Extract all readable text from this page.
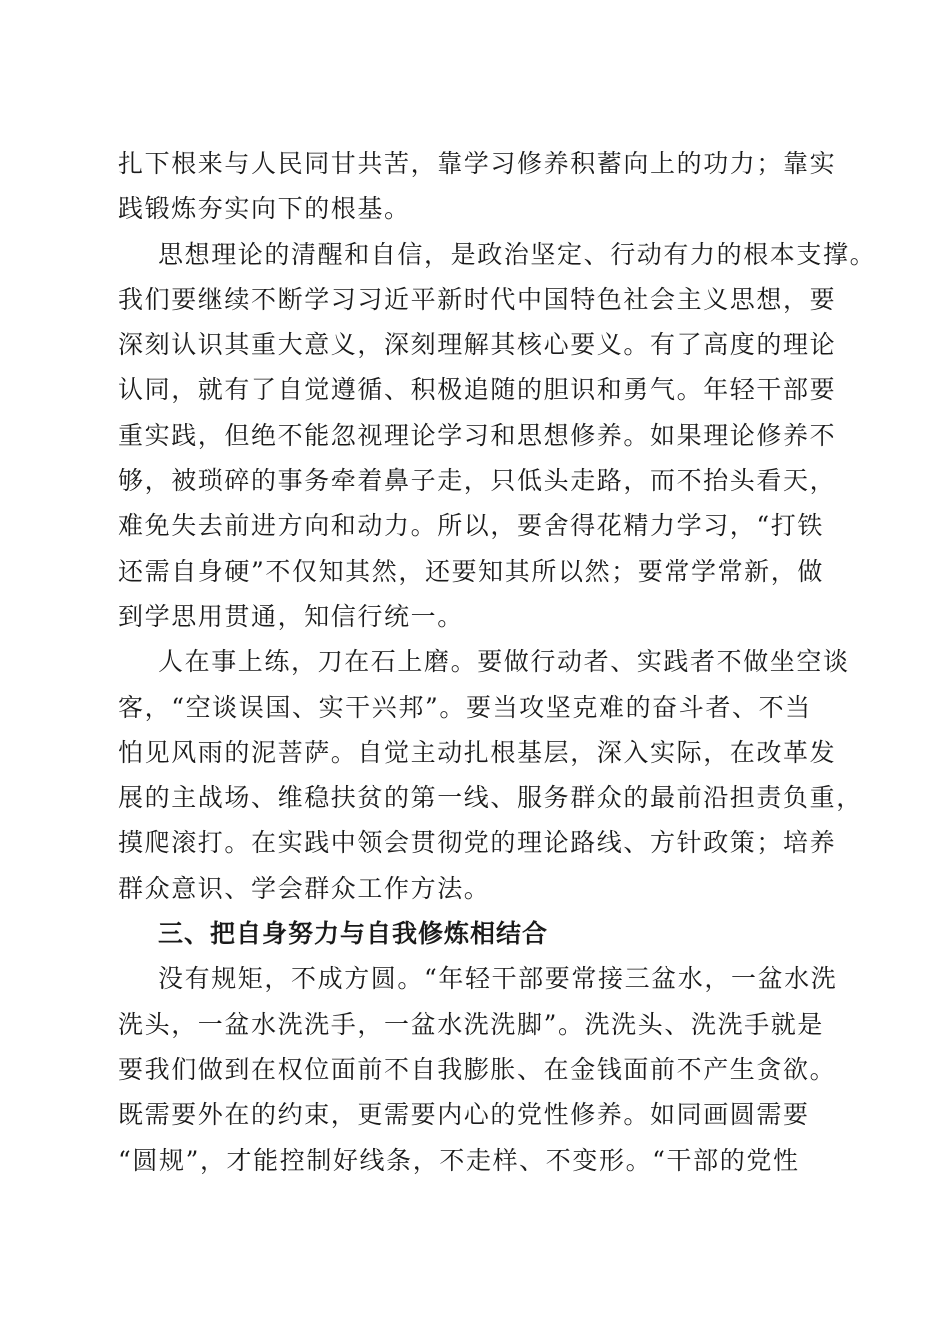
扎下根来与人民同甘共苦，靠学习修养积蓄向上的功力；靠实
践锻炼夯实向下的根基。
思想理论的清醒和自信，是政治坚定、行动有力的根本支撑。
我们要继续不断学习习近平新时代中国特色社会主义思想，要
深刻认识其重大意义，深刻理解其核心要义。有了高度的理论
认同，就有了自觉遵循、积极追随的胆识和勇气。年轻干部要
重实践，但绝不能忽视理论学习和思想修养。如果理论修养不
够，被琐碎的事务牵着鼻子走，只低头走路，而不抬头看天，
难免失去前进方向和动力。所以，要舍得花精力学习，“打铁
还需自身硬”不仅知其然，还要知其所以然；要常学常新，做
到学思用贯通，知信行统一。
人在事上练，刀在石上磨。要做行动者、实践者不做坐空谈
客，“空谈误国、实干兴邦”。要当攻坚克难的奋斗者、不当
怕见风雨的泥菩萨。自觉主动扎根基层，深入实际，在改革发
展的主战场、维稳扶贫的第一线、服务群众的最前沿担责负重，
摸爬滚打。在实践中领会贯彻党的理论路线、方针政策；培养
群众意识、学会群众工作方法。
三、把自身努力与自我修炼相结合
没有规矩，不成方圆。“年轻干部要常接三盆水，一盆水洗
洗头，一盆水洗洗手，一盆水洗洗脚”。洗洗头、洗洗手就是
要我们做到在权位面前不自我膨胀、在金钱面前不产生贪欲。
既需要外在的约束，更需要内心的党性修养。如同画圆需要
“圆规”，才能控制好线条，不走样、不变形。“干部的党性
